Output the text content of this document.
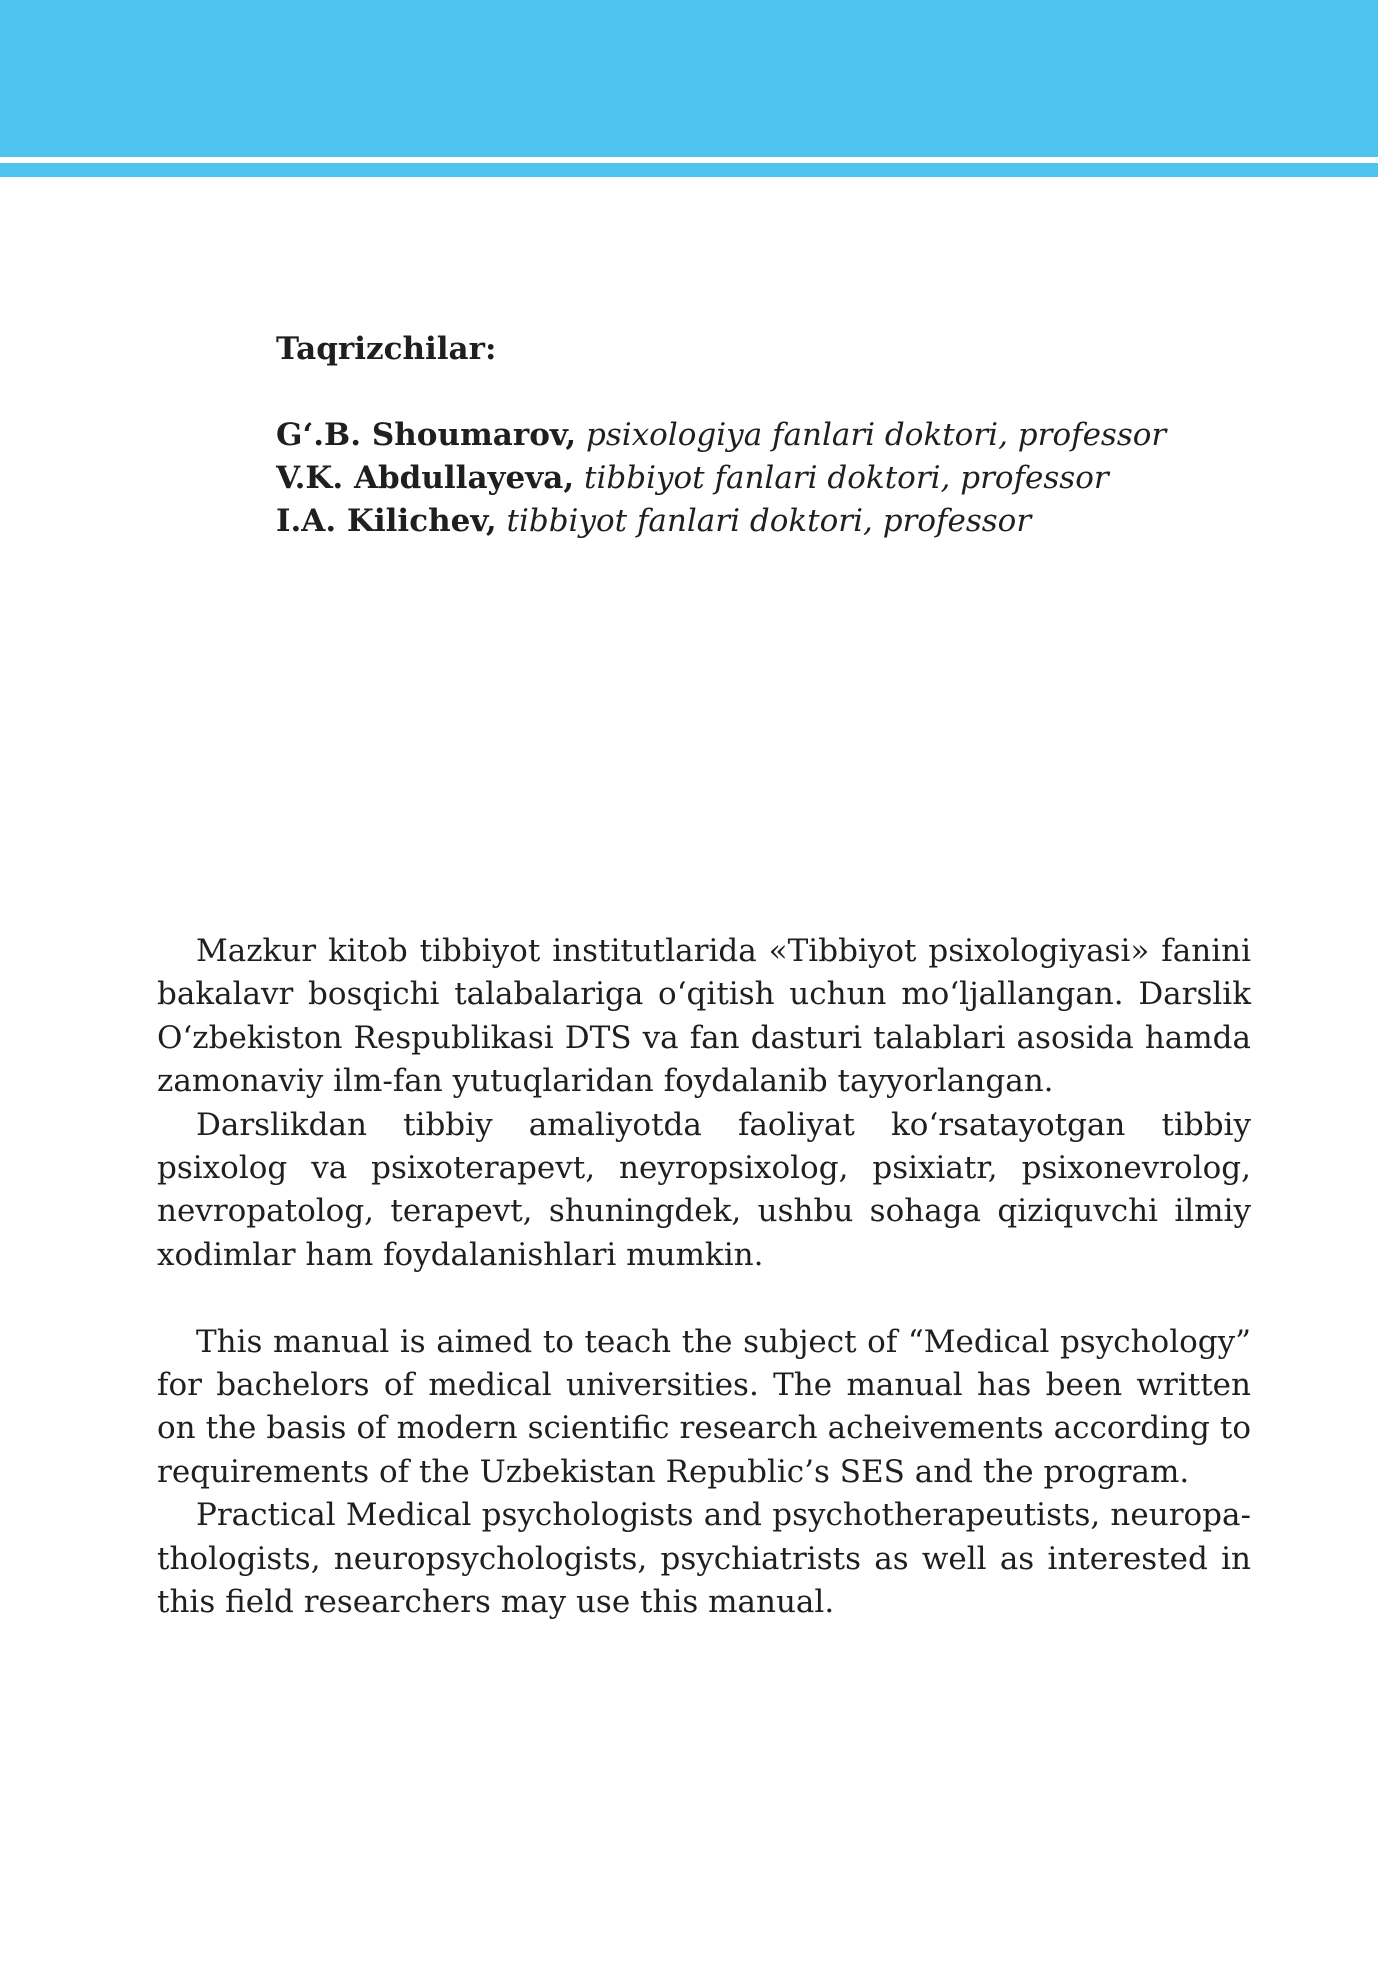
Taqrizchilar:
G‘.B. Shoumarov, psixologiya fanlari doktori, professor
V.K. Abdullayeva, tibbiyot fanlari doktori, professor
I.A. Kilichev, tibbiyot fanlari doktori, professor

Mazkur kitob tibbiyot institutlarida «Tibbiyot psixologiyasi» fanini bakalavr bosqichi talabalariga o‘qitish uchun mo‘ljallangan. Darslik O‘zbekiston Respublikasi DTS va fan dasturi talablari asosida hamda zamonaviy ilm-fan yutuqlaridan foydalanib tayyorlangan.

Darslikdan tibbiy amaliyotda faoliyat ko‘rsatayotgan tibbiy psixolog va psixoterapevt, neyropsixolog, psixiatr, psixonevrolog, nevropatolog, terapevt, shuningdek, ushbu sohaga qiziquvchi ilmiy xodimlar ham foydalanishlari mumkin.

This manual is aimed to teach the subject of “Medical psychology” for bachelors of medical universities. The manual has been written on the basis of modern scientific research acheivements according to requirements of the Uzbekistan Republic’s SES and the program.

Practical Medical psychologists and psychotherapeutists, neuropathologists, neuropsychologists, psychiatrists as well as interested in this field researchers may use this manual.
